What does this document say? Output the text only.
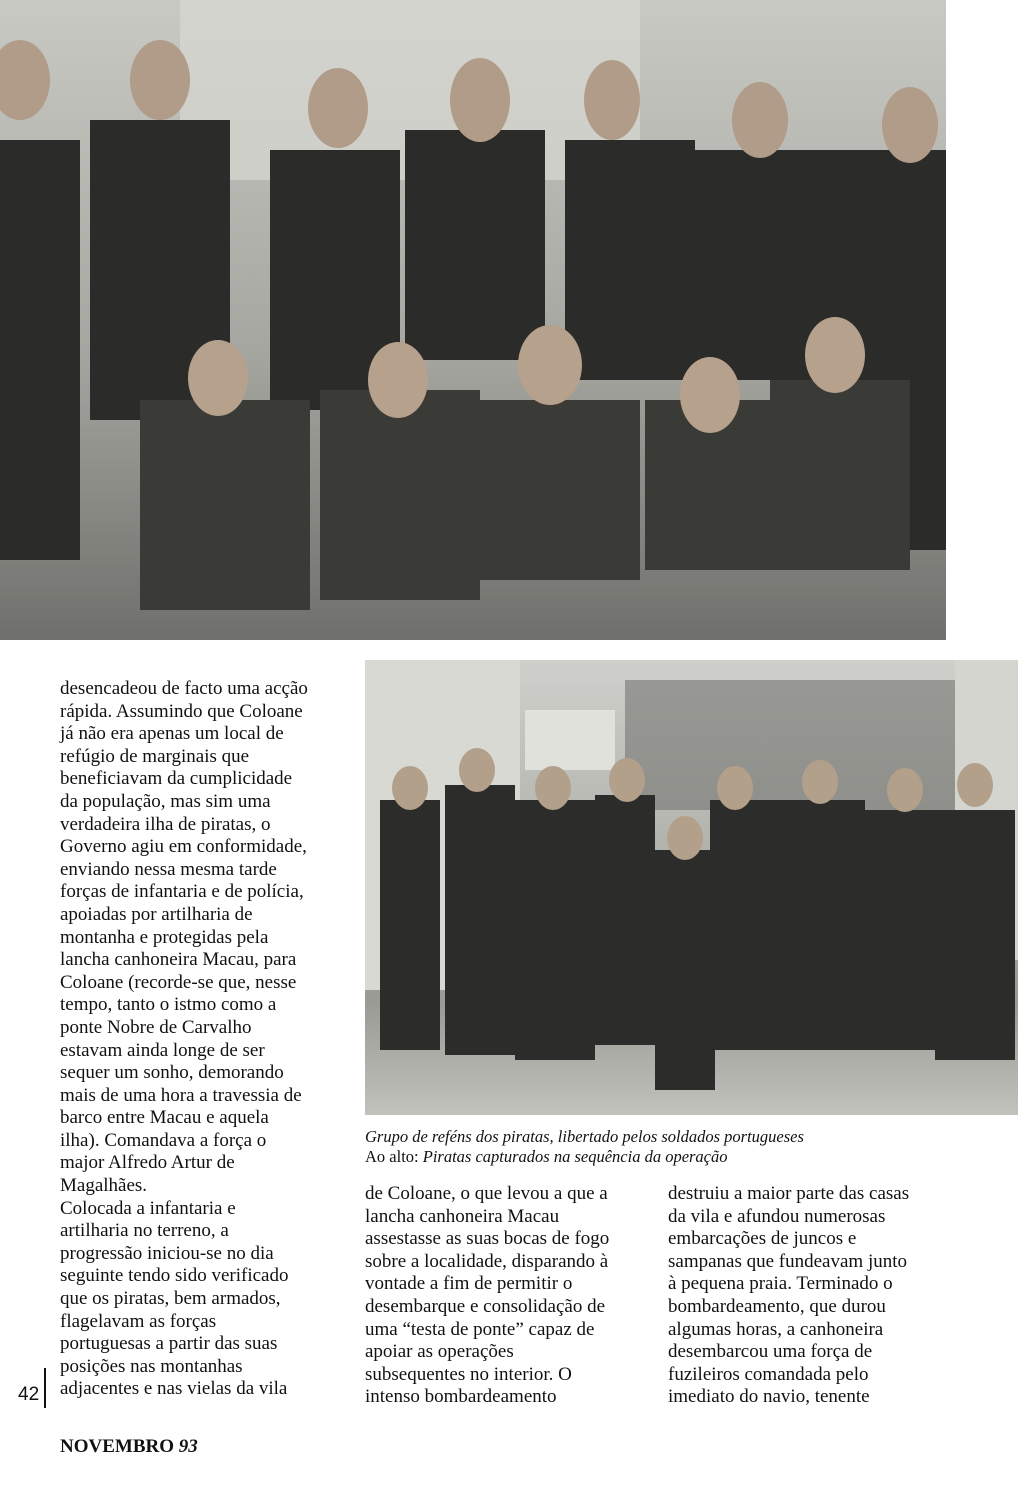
desencadeou de facto uma acção
rápida. Assumindo que Coloane
já não era apenas um local de
refúgio de marginais que
beneficiavam da cumplicidade
da população, mas sim uma
verdadeira ilha de piratas, o
Governo agiu em conformidade,
enviando nessa mesma tarde
forças de infantaria e de polícia,
apoiadas por artilharia de
montanha e protegidas pela
lancha canhoneira Macau, para
Coloane (recorde-se que, nesse
tempo, tanto o istmo como a
ponte Nobre de Carvalho
estavam ainda longe de ser
sequer um sonho, demorando
mais de uma hora a travessia de
barco entre Macau e aquela
ilha). Comandava a força o
major Alfredo Artur de
Magalhães.

Colocada a infantaria e
artilharia no terreno, a
progressão iniciou-se no dia
seguinte tendo sido verificado
que os piratas, bem armados,
flagelavam as forças
portuguesas a partir das suas
posições nas montanhas
adjacentes e nas vielas da vila

Grupo de reféns dos piratas, libertado pelos soldados portugueses
Ao alto: Piratas capturados na sequência da operação

de Coloane, o que levou a que a
lancha canhoneira Macau
assestasse as suas bocas de fogo
sobre a localidade, disparando à
vontade a fim de permitir o
desembarque e consolidação de
uma “testa de ponte” capaz de
apoiar as operações
subsequentes no interior. O
intenso bombardeamento

destruiu a maior parte das casas
da vila e afundou numerosas
embarcações de juncos e
sampanas que fundeavam junto
à pequena praia. Terminado o
bombardeamento, que durou
algumas horas, a canhoneira
desembarcou uma força de
fuzileiros comandada pelo
imediato do navio, tenente

42
NOVEMBRO 93
